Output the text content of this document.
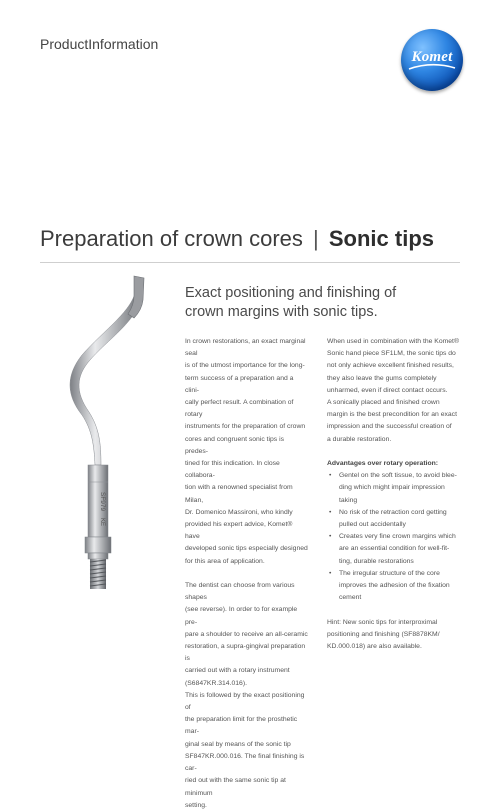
ProductInformation
Komet
Preparation of crown cores | Sonic tips
SF979
KE
Exact positioning and finishing of
crown margins with sonic tips.

In crown restorations, an exact marginal seal

is of the utmost importance for the long-

term success of a preparation and a clini-

cally perfect result. A combination of rotary

instruments for the preparation of crown

cores and congruent sonic tips is predes-

tined for this indication. In close collabora-

tion with a renowned specialist from Milan,

Dr. Domenico Massironi, who kindly

provided his expert advice, Komet® have

developed sonic tips especially designed

for this area of application.

The dentist can choose from various shapes

(see reverse). In order to for example pre-

pare a shoulder to receive an all-ceramic

restoration, a supra-gingival preparation is

carried out with a rotary instrument

(S6847KR.314.016).

This is followed by the exact positioning of

the preparation limit for the prosthetic mar-

ginal seal by means of the sonic tip

SF847KR.000.016. The final finishing is car-

ried out with the same sonic tip at minimum

setting.

When used in combination with the Komet®

Sonic hand piece SF1LM, the sonic tips do

not only achieve excellent finished results,

they also leave the gums completely

unharmed, even if direct contact occurs.

A sonically placed and finished crown

margin is the best precondition for an exact

impression and the successful creation of

a durable restoration.

Advantages over rotary operation:

• Gentel on the soft tissue, to avoid blee-
ding which might impair impression
taking
• No risk of the retraction cord getting
pulled out accidentally
• Creates very fine crown margins which
are an essential condition for well-fit-
ting, durable restorations
• The irregular structure of the core
improves the adhesion of the fixation
cement

Hint: New sonic tips for interproximal

positioning and finishing (SF8878KM/

KD.000.018) are also available.
